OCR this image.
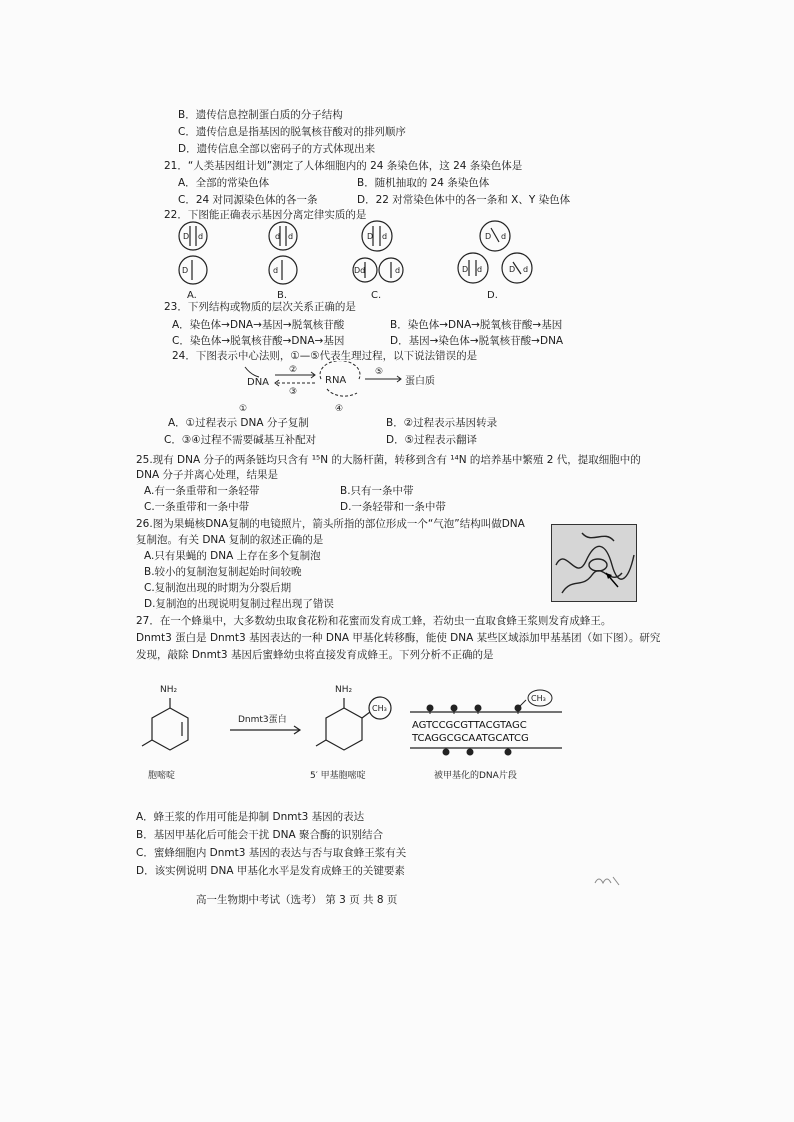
B．遗传信息控制蛋白质的分子结构
C．遗传信息是指基因的脱氧核苷酸对的排列顺序
D．遗传信息全部以密码子的方式体现出来
21．“人类基因组计划”测定了人体细胞内的 24 条染色体，这 24 条染色体是
A．全部的常染色体	B．随机抽取的 24 条染色体
C．24 对同源染色体的各一条	D．22 对常染色体中的各一条和 X、Y 染色体
22．下图能正确表示基因分离定律实质的是
D d
D
d d
d
D d
Dd	d
D d
D d	D d
A.	B.	C.	D.
23．下列结构或物质的层次关系正确的是
A．染色体→DNA→基因→脱氧核苷酸	B．染色体→DNA→脱氧核苷酸→基因
C．染色体→脱氧核苷酸→DNA→基因	D．基因→染色体→脱氧核苷酸→DNA
24．下图表示中心法则，①—⑤代表生理过程，以下说法错误的是
DNA	RNA	蛋白质
②
③
⑤
①	④
A．①过程表示 DNA 分子复制	B．②过程表示基因转录
C．③④过程不需要碱基互补配对	D．⑤过程表示翻译
25.现有 DNA 分子的两条链均只含有 ¹⁵N 的大肠杆菌，转移到含有 ¹⁴N 的培养基中繁殖 2 代，提取细胞中的
DNA 分子并离心处理，结果是
A.有一条重带和一条轻带	B.只有一条中带
C.一条重带和一条中带	D.一条轻带和一条中带
26.图为果蝇核DNA复制的电镜照片，箭头所指的部位形成一个“气泡”结构叫做DNA
复制泡。有关 DNA 复制的叙述正确的是
A.只有果蝇的 DNA 上存在多个复制泡
B.较小的复制泡复制起始时间较晚
C.复制泡出现的时期为分裂后期
D.复制泡的出现说明复制过程出现了错误
27．在一个蜂巢中，大多数幼虫取食花粉和花蜜而发育成工蜂，若幼虫一直取食蜂王浆则发育成蜂王。
Dnmt3 蛋白是 Dnmt3 基因表达的一种 DNA 甲基化转移酶，能使 DNA 某些区域添加甲基基团（如下图）。研究
发现，敲除 Dnmt3 基因后蜜蜂幼虫将直接发育成蜂王。下列分析不正确的是
NH₂	NH₂
CH₃
CH₃
Dnmt3蛋白	AGTCCGCGTTACGTAGC
TCAGGCGCAATGCATCG
胞嘧啶	5′ 甲基胞嘧啶	被甲基化的DNA片段
A．蜂王浆的作用可能是抑制 Dnmt3 基因的表达
B．基因甲基化后可能会干扰 DNA 聚合酶的识别结合
C．蜜蜂细胞内 Dnmt3 基因的表达与否与取食蜂王浆有关
D．该实例说明 DNA 甲基化水平是发育成蜂王的关键要素
高一生物期中考试（选考） 第 3 页 共 8 页
